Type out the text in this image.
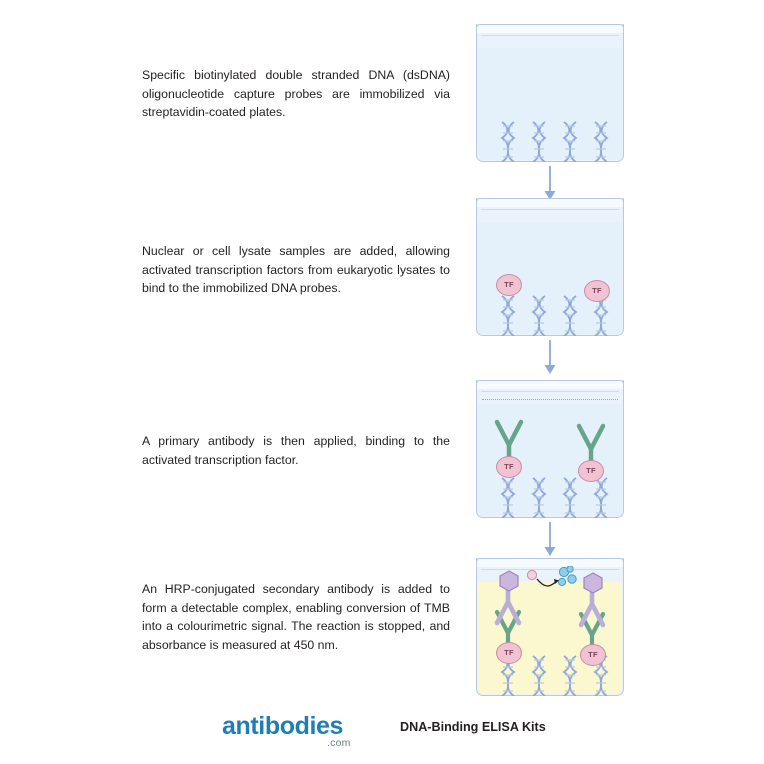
Specific biotinylated double stranded DNA (dsDNA) oligonucleotide capture probes are immobilized via streptavidin-coated plates.
Nuclear or cell lysate samples are added, allowing activated transcription factors from eukaryotic lysates to bind to the immobilized DNA probes.	TF
TF
A primary antibody is then applied, binding to the activated transcription factor.	TF	TF
An HRP-conjugated secondary antibody is added to form a detectable complex, enabling conversion of TMB into a colourimetric signal. The reaction is stopped, and absorbance is measured at 450 nm.
TF	TF
antibodies
.com
DNA-Binding ELISA Kits
